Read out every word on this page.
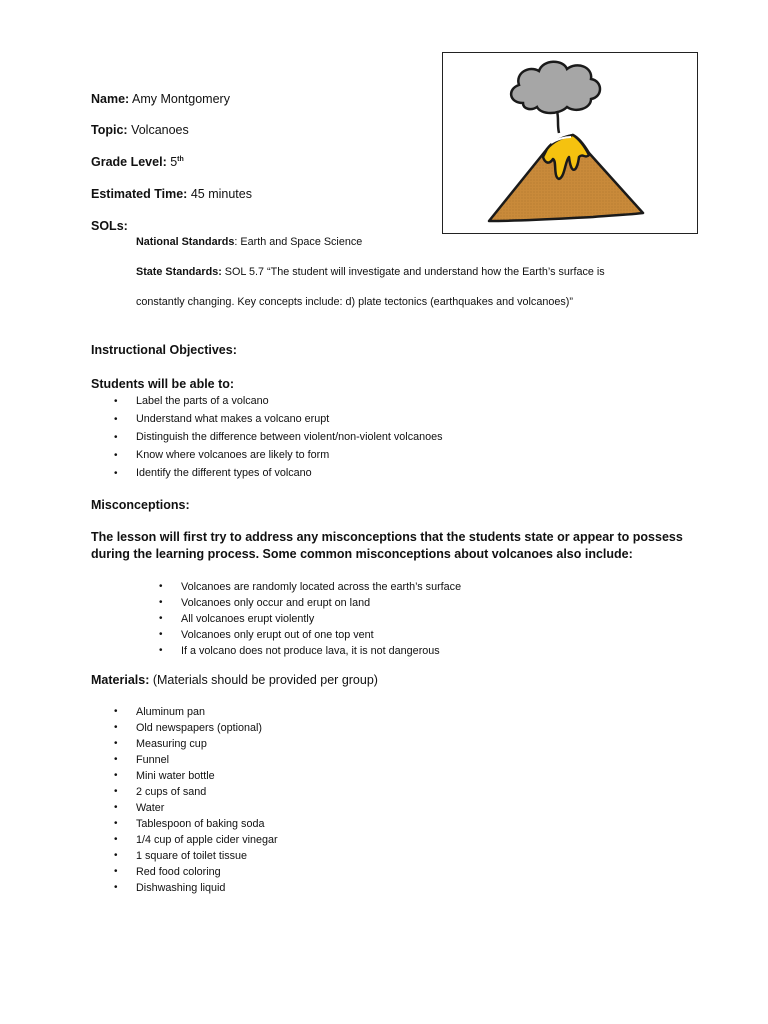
Name: Amy Montgomery
Topic: Volcanoes
Grade Level: 5th
Estimated Time: 45 minutes
SOLs:
National Standards: Earth and Space Science
State Standards: SOL 5.7 “The student will investigate and understand how the Earth’s surface is
constantly changing. Key concepts include: d) plate tectonics (earthquakes and volcanoes)”
Instructional Objectives:
Students will be able to:
• Label the parts of a volcano
• Understand what makes a volcano erupt
• Distinguish the difference between violent/non-violent volcanoes
• Know where volcanoes are likely to form
• Identify the different types of volcano
Misconceptions:
The lesson will first try to address any misconceptions that the students state or appear to possess
during the learning process. Some common misconceptions about volcanoes also include:
• Volcanoes are randomly located across the earth’s surface
• Volcanoes only occur and erupt on land
• All volcanoes erupt violently
• Volcanoes only erupt out of one top vent
• If a volcano does not produce lava, it is not dangerous
Materials: (Materials should be provided per group)
• Aluminum pan
• Old newspapers (optional)
• Measuring cup
• Funnel
• Mini water bottle
• 2 cups of sand
• Water
• Tablespoon of baking soda
• 1/4 cup of apple cider vinegar
• 1 square of toilet tissue
• Red food coloring
• Dishwashing liquid
